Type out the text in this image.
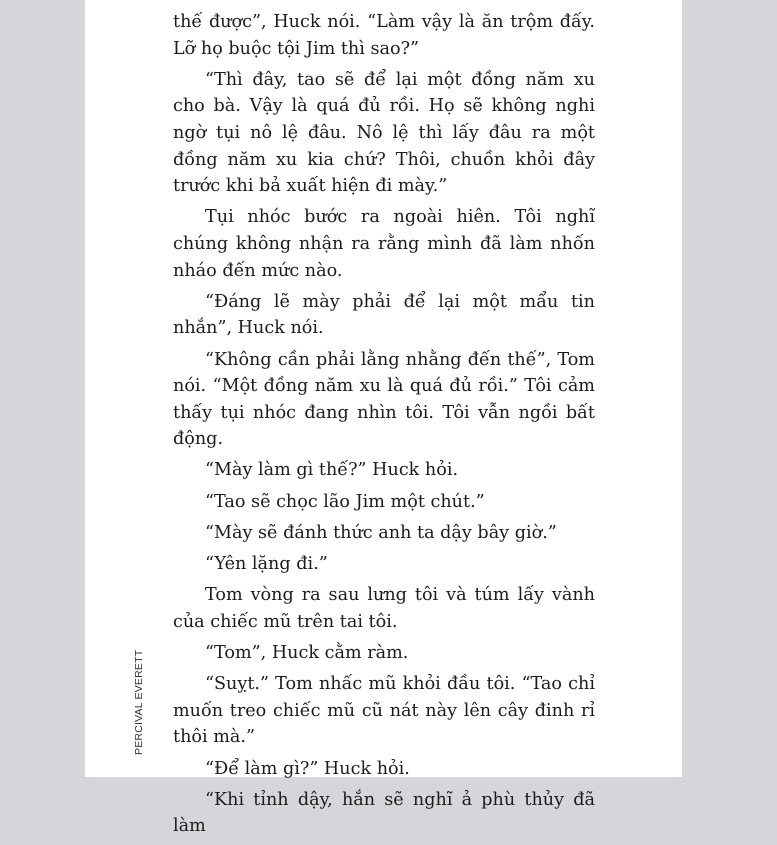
PERCIVAL EVERETT

thế được”, Huck nói. “Làm vậy là ăn trộm đấy. Lỡ họ buộc tội Jim thì sao?”

“Thì đây, tao sẽ để lại một đồng năm xu cho bà. Vậy là quá đủ rồi. Họ sẽ không nghi ngờ tụi nô lệ đâu. Nô lệ thì lấy đâu ra một đồng năm xu kia chứ? Thôi, chuồn khỏi đây trước khi bả xuất hiện đi mày.”

Tụi nhóc bước ra ngoài hiên. Tôi nghĩ chúng không nhận ra rằng mình đã làm nhốn nháo đến mức nào.

“Đáng lẽ mày phải để lại một mẩu tin nhắn”, Huck nói.

“Không cần phải lằng nhằng đến thế”, Tom nói. “Một đồng năm xu là quá đủ rồi.” Tôi cảm thấy tụi nhóc đang nhìn tôi. Tôi vẫn ngồi bất động.

“Mày làm gì thế?” Huck hỏi.

“Tao sẽ chọc lão Jim một chút.”

“Mày sẽ đánh thức anh ta dậy bây giờ.”

“Yên lặng đi.”

Tom vòng ra sau lưng tôi và túm lấy vành của chiếc mũ trên tai tôi.

“Tom”, Huck cằm ràm.

“Suỵt.” Tom nhấc mũ khỏi đầu tôi. “Tao chỉ muốn treo chiếc mũ cũ nát này lên cây đinh rỉ thôi mà.”

“Để làm gì?” Huck hỏi.

“Khi tỉnh dậy, hắn sẽ nghĩ ả phù thủy đã làm
